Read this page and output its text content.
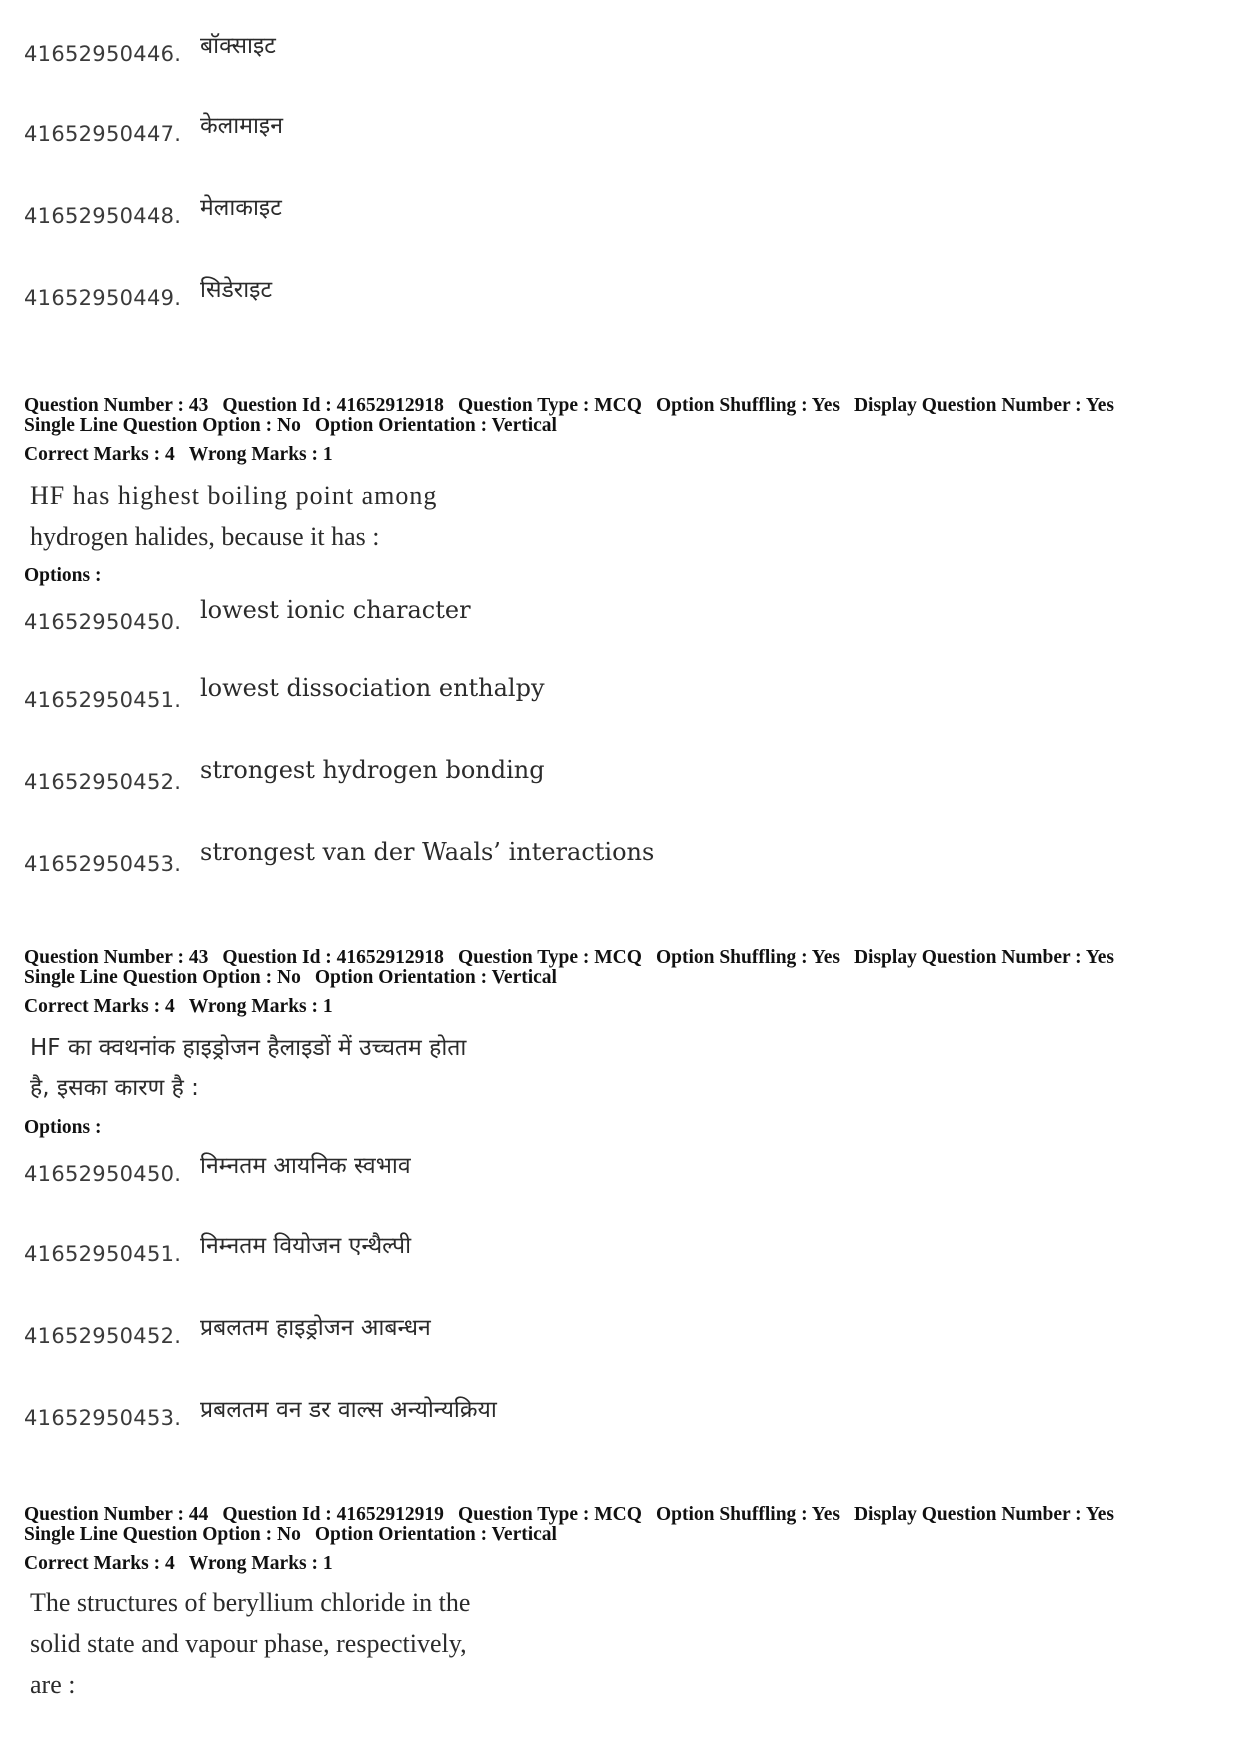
41652950446. बॉक्साइट
41652950447. केलामाइन
41652950448. मेलाकाइट
41652950449. सिडेराइट
Question Number : 43 Question Id : 41652912918 Question Type : MCQ Option Shuffling : Yes Display Question Number : Yes
Single Line Question Option : No Option Orientation : Vertical
Correct Marks : 4 Wrong Marks : 1
HF has highest boiling point among
hydrogen halides, because it has :
Options :
41652950450. lowest ionic character
41652950451. lowest dissociation enthalpy
41652950452. strongest hydrogen bonding
41652950453. strongest van der Waals’ interactions
Question Number : 43 Question Id : 41652912918 Question Type : MCQ Option Shuffling : Yes Display Question Number : Yes
Single Line Question Option : No Option Orientation : Vertical
Correct Marks : 4 Wrong Marks : 1
HF का क्वथनांक हाइड्रोजन हैलाइडों में उच्चतम होता
है, इसका कारण है :
Options :
41652950450. निम्नतम आयनिक स्वभाव
41652950451. निम्नतम वियोजन एन्थैल्पी
41652950452. प्रबलतम हाइड्रोजन आबन्धन
41652950453. प्रबलतम वन डर वाल्स अन्योन्यक्रिया
Question Number : 44 Question Id : 41652912919 Question Type : MCQ Option Shuffling : Yes Display Question Number : Yes
Single Line Question Option : No Option Orientation : Vertical
Correct Marks : 4 Wrong Marks : 1
The structures of beryllium chloride in the
solid state and vapour phase, respectively,
are :
